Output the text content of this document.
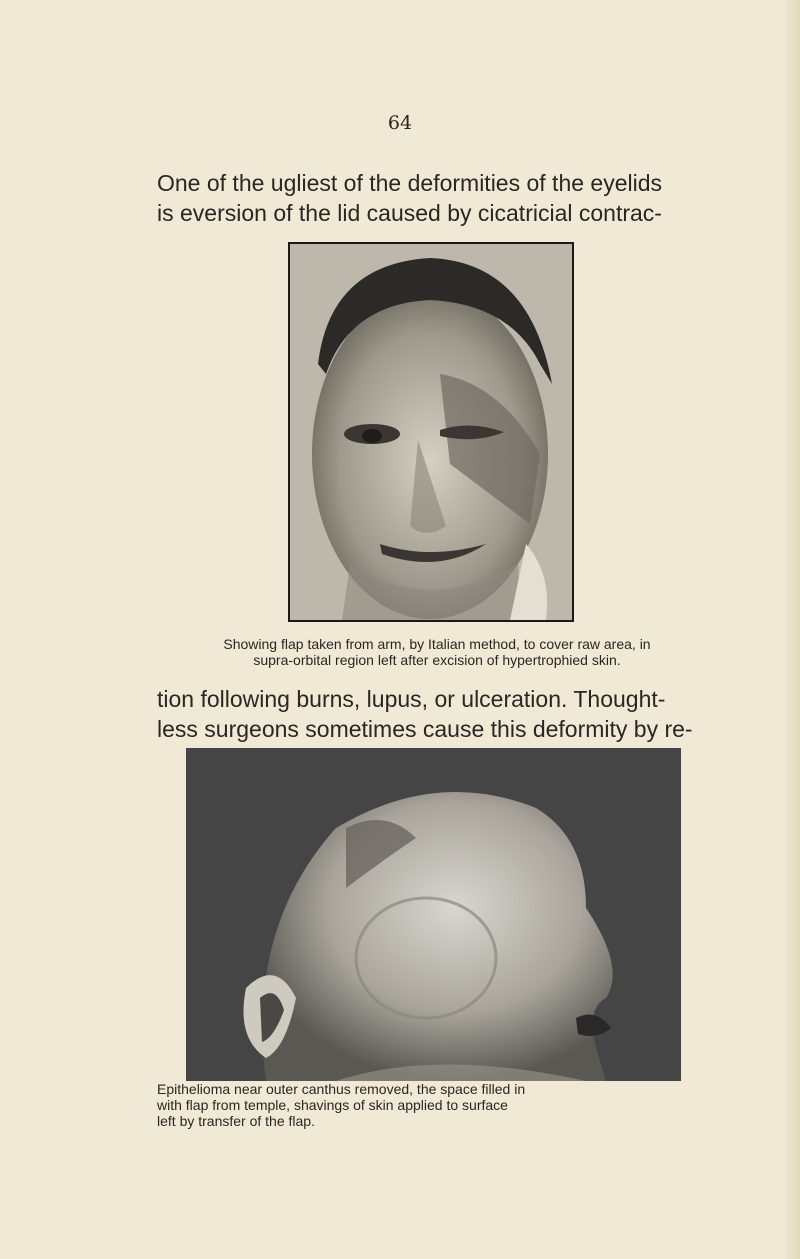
64
One of the ugliest of the deformities of the eyelids
is eversion of the lid caused by cicatricial contrac-
Showing flap taken from arm, by Italian method, to cover raw area, in
supra-orbital region left after excision of hypertrophied skin.
tion following burns, lupus, or ulceration. Thought-
less surgeons sometimes cause this deformity by re-
Epithelioma near outer canthus removed, the space filled in
with flap from temple, shavings of skin applied to surface
left by transfer of the flap.
